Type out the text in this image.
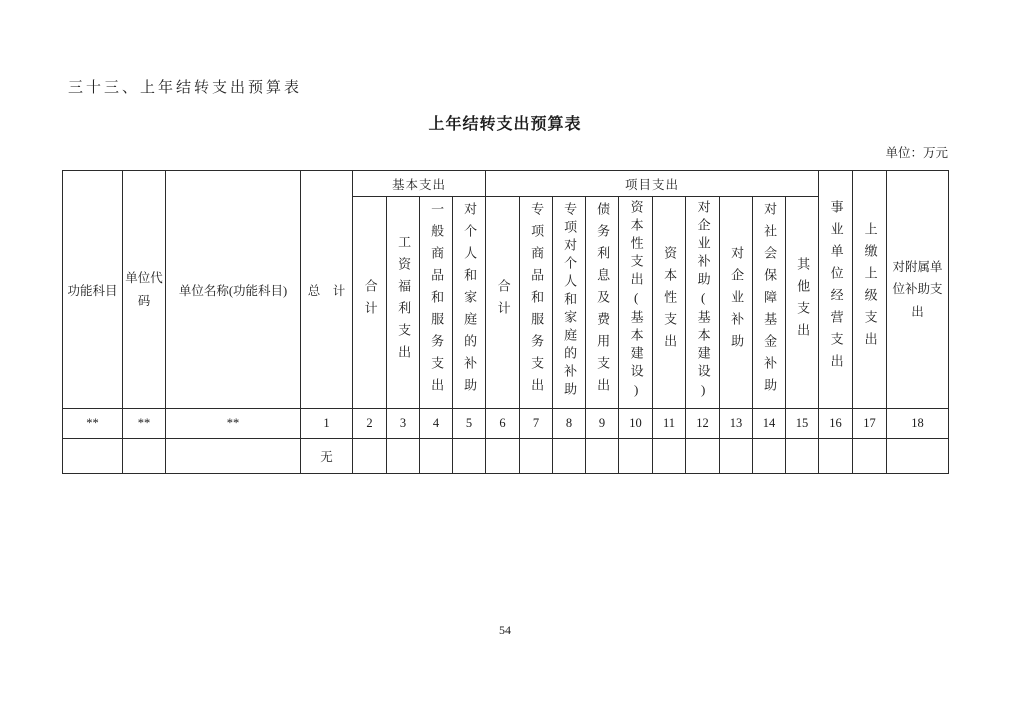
三十三、上年结转支出预算表
上年结转支出预算表
单位：万元
功能科目	单位代码	单位名称(功能科目)	总　计	基本支出				项目支出										事业单位经营支出	上缴上级支出	对附属单位补助支出
				合计	工资福利支出	一般商品和服务支出	对个人和家庭的补助	合计	专项商品和服务支出	专项对个人和家庭的补助	债务利息及费用支出	资本性支出(基本建设)	资本性支出	对企业补助(基本建设)	对企业补助	对社会保障基金补助	其他支出			
**	**	**	1	2	3	4	5	6	7	8	9	10	11	12	13	14	15	16	17	18
			无																	
54
